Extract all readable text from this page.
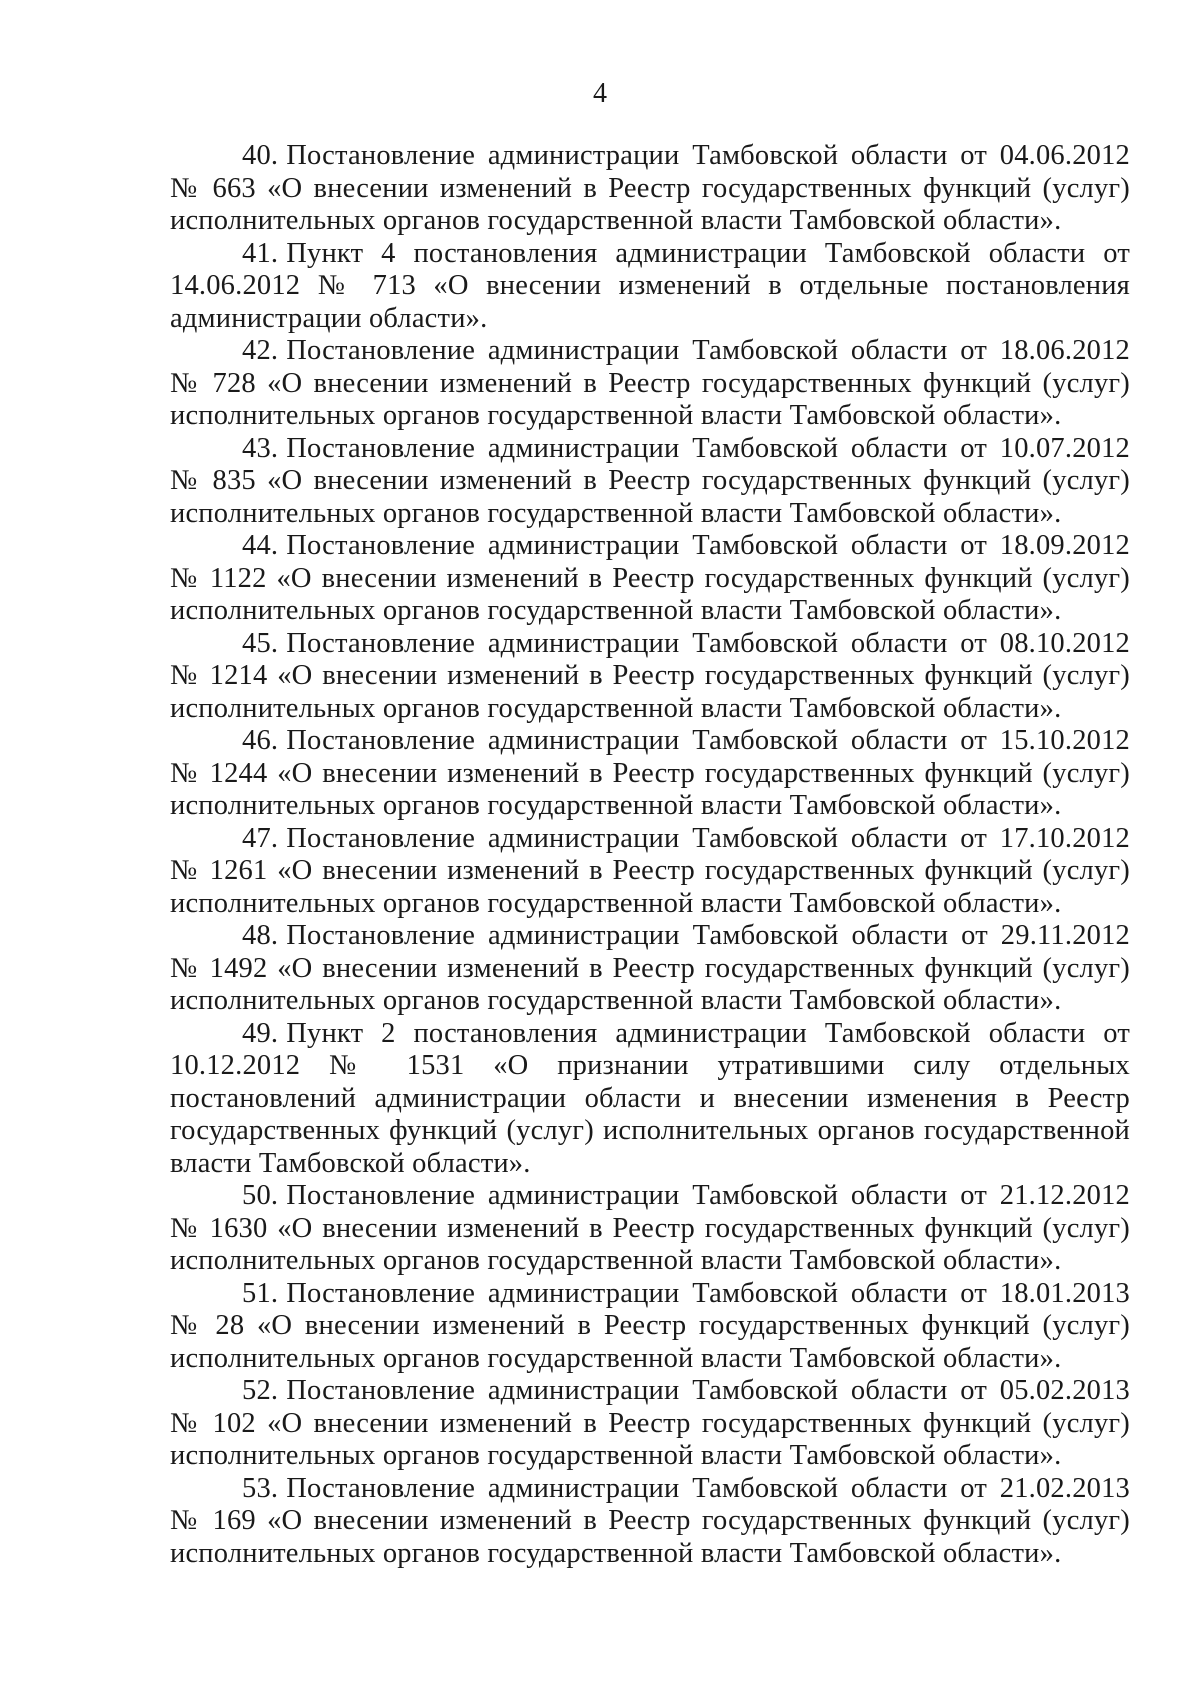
4

40. Постановление администрации Тамбовской области от 04.06.2012 № 663 «О внесении изменений в Реестр государственных функций (услуг) исполнительных органов государственной власти Тамбовской области».

41. Пункт 4 постановления администрации Тамбовской области от 14.06.2012 № 713 «О внесении изменений в отдельные постановления администрации области».

42. Постановление администрации Тамбовской области от 18.06.2012 № 728 «О внесении изменений в Реестр государственных функций (услуг) исполнительных органов государственной власти Тамбовской области».

43. Постановление администрации Тамбовской области от 10.07.2012 № 835 «О внесении изменений в Реестр государственных функций (услуг) исполнительных органов государственной власти Тамбовской области».

44. Постановление администрации Тамбовской области от 18.09.2012 № 1122 «О внесении изменений в Реестр государственных функций (услуг) исполнительных органов государственной власти Тамбовской области».

45. Постановление администрации Тамбовской области от 08.10.2012 № 1214 «О внесении изменений в Реестр государственных функций (услуг) исполнительных органов государственной власти Тамбовской области».

46. Постановление администрации Тамбовской области от 15.10.2012 № 1244 «О внесении изменений в Реестр государственных функций (услуг) исполнительных органов государственной власти Тамбовской области».

47. Постановление администрации Тамбовской области от 17.10.2012 № 1261 «О внесении изменений в Реестр государственных функций (услуг) исполнительных органов государственной власти Тамбовской области».

48. Постановление администрации Тамбовской области от 29.11.2012 № 1492 «О внесении изменений в Реестр государственных функций (услуг) исполнительных органов государственной власти Тамбовской области».

49. Пункт 2 постановления администрации Тамбовской области от 10.12.2012 № 1531 «О признании утратившими силу отдельных постановлений администрации области и внесении изменения в Реестр государственных функций (услуг) исполнительных органов государственной власти Тамбовской области».

50. Постановление администрации Тамбовской области от 21.12.2012 № 1630 «О внесении изменений в Реестр государственных функций (услуг) исполнительных органов государственной власти Тамбовской области».

51. Постановление администрации Тамбовской области от 18.01.2013 № 28 «О внесении изменений в Реестр государственных функций (услуг) исполнительных органов государственной власти Тамбовской области».

52. Постановление администрации Тамбовской области от 05.02.2013 № 102 «О внесении изменений в Реестр государственных функций (услуг) исполнительных органов государственной власти Тамбовской области».

53. Постановление администрации Тамбовской области от 21.02.2013 № 169 «О внесении изменений в Реестр государственных функций (услуг) исполнительных органов государственной власти Тамбовской области».
